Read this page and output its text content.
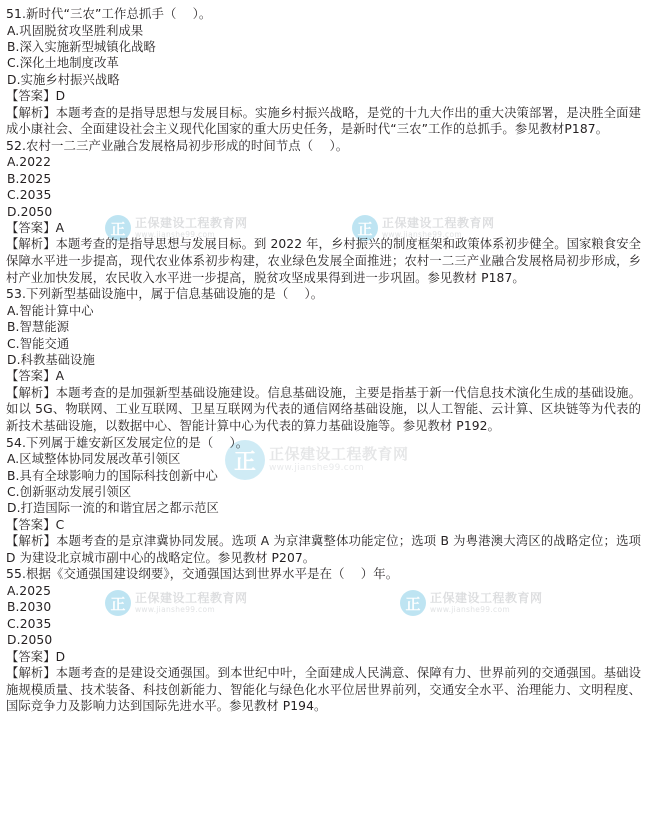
正 正保建设工程教育网
www.jianshe99.com	正 正保建设工程教育网
www.jianshe99.com
正 正保建设工程教育网
www.jianshe99.com
正 正保建设工程教育网
www.jianshe99.com	正 正保建设工程教育网
www.jianshe99.com
51.新时代“三农”工作总抓手（    ）。
A.巩固脱贫攻坚胜利成果
B.深入实施新型城镇化战略
C.深化土地制度改革
D.实施乡村振兴战略
【答案】D
【解析】本题考查的是指导思想与发展目标。实施乡村振兴战略，是党的十九大作出的重大决策部署，是决胜全面建成小康社会、全面建设社会主义现代化国家的重大历史任务，是新时代“三农”工作的总抓手。参见教材P187。
52.农村一二三产业融合发展格局初步形成的时间节点（    ）。
A.2022
B.2025
C.2035
D.2050
【答案】A
【解析】本题考查的是指导思想与发展目标。到 2022 年，乡村振兴的制度框架和政策体系初步健全。国家粮食安全保障水平进一步提高，现代农业体系初步构建，农业绿色发展全面推进；农村一二三产业融合发展格局初步形成，乡村产业加快发展，农民收入水平进一步提高，脱贫攻坚成果得到进一步巩固。参见教材 P187。
53.下列新型基础设施中，属于信息基础设施的是（    ）。
A.智能计算中心
B.智慧能源
C.智能交通
D.科教基础设施
【答案】A
【解析】本题考查的是加强新型基础设施建设。信息基础设施，主要是指基于新一代信息技术演化生成的基础设施。如以 5G、物联网、工业互联网、卫星互联网为代表的通信网络基础设施，以人工智能、云计算、区块链等为代表的新技术基础设施，以数据中心、智能计算中心为代表的算力基础设施等。参见教材 P192。
54.下列属于雄安新区发展定位的是（    ）。
A.区域整体协同发展改革引领区
B.具有全球影响力的国际科技创新中心
C.创新驱动发展引领区
D.打造国际一流的和谐宜居之都示范区
【答案】C
【解析】本题考查的是京津冀协同发展。选项 A 为京津冀整体功能定位；选项 B 为粤港澳大湾区的战略定位；选项 D 为建设北京城市副中心的战略定位。参见教材 P207。
55.根据《交通强国建设纲要》，交通强国达到世界水平是在（    ）年。
A.2025
B.2030
C.2035
D.2050
【答案】D
【解析】本题考查的是建设交通强国。到本世纪中叶，全面建成人民满意、保障有力、世界前列的交通强国。基础设施规模质量、技术装备、科技创新能力、智能化与绿色化水平位居世界前列，交通安全水平、治理能力、文明程度、国际竞争力及影响力达到国际先进水平。参见教材 P194。
